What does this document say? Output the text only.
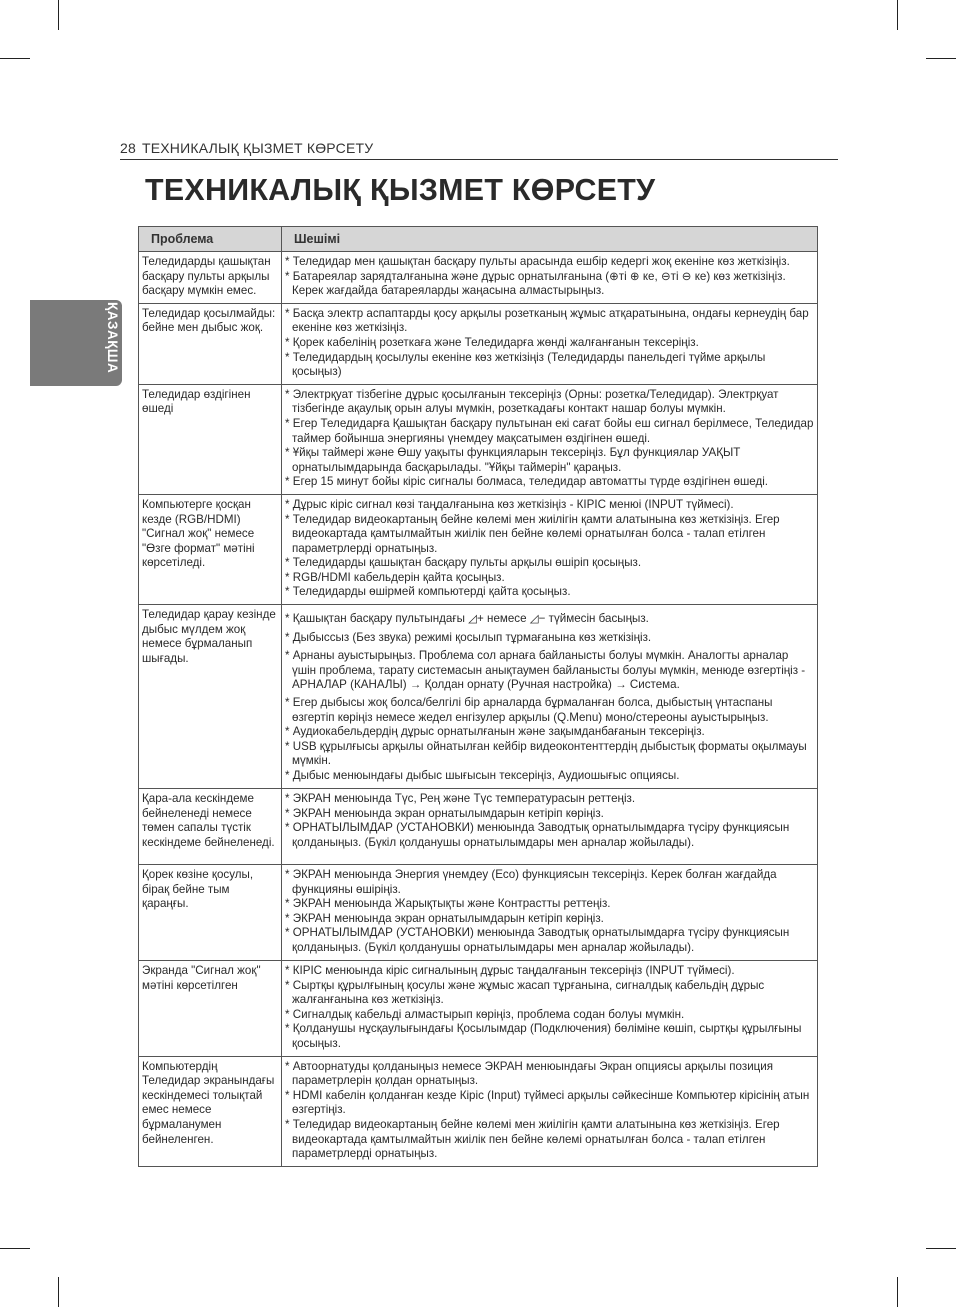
28 ТЕХНИКАЛЫҚ ҚЫЗМЕТ КӨРСЕТУ
ТЕХНИКАЛЫҚ ҚЫЗМЕТ КӨРСЕТУ
ҚАЗАҚША
Проблема	Шешімі
Теледидарды қашықтан басқару пульты арқылы басқару мүмкін емес.	* Теледидар мен қашықтан басқару пульты арасында ешбір кедергі жоқ екеніне көз жеткізіңіз.
* Батареялар зарядталғанына және дұрыс орнатылғанына (⊕ті ⊕ ке, ⊖ті ⊖ ке) көз жеткізіңіз. Керек жағдайда батареяларды жаңасына алмастырыңыз.

Теледидар қосылмайды: бейне мен дыбыс жоқ.	* Басқа электр аспаптарды қосу арқылы розетканың жұмыс атқаратынына, ондағы кернеудің бар екеніне көз жеткізіңіз.
* Қорек кабелінің розеткаға және Теледидарға жөнді жалғанғанын тексеріңіз.
* Теледидардың қосылулы екеніне көз жеткізіңіз (Теледидарды панельдегі түйме арқылы қосыңыз)

Теледидар өздігінен өшеді	* Электрқуат тізбегіне дұрыс қосылғанын тексеріңіз (Орны: розетка/Теледидар). Электрқуат тізбегінде ақаулық орын алуы мүмкін, розеткадағы контакт нашар болуы мүмкін.
* Егер Теледидарға Қашықтан басқару пультынан екі сағат бойы еш сигнал берілмесе, Теледидар таймер бойынша энергияны үнемдеу мақсатымен өздігінен өшеді.
* Ұйқы таймері және Өшу уақыты функцияларын тексеріңіз. Бұл функциялар УАҚЫТ орнатылымдарында басқарылады. "Ұйқы таймерін" қараңыз.
* Егер 15 минут бойы кіріс сигналы болмаса, теледидар автоматты түрде өздігінен өшеді.

Компьютерге қосқан кезде (RGB/HDMI) "Сигнал жоқ" немесе "Өзге формат" мәтіні көрсетіледі.	* Дұрыс кіріс сигнал көзі таңдалғанына көз жеткізіңіз - КІРІС менюі (INPUT түймесі).
* Теледидар видеокартаның бейне көлемі мен жиілігін қамти алатынына көз жеткізіңіз. Егер видеокартада қамтылмайтын жиілік пен бейне көлемі орнатылған болса - талап етілген параметрлерді орнатыңыз.
* Теледидарды қашықтан басқару пульты арқылы өшіріп қосыңыз.
* RGB/HDMI кабельдерін қайта қосыңыз.
* Теледидарды өшірмей компьютерді қайта қосыңыз.

Теледидар қарау кезінде дыбыс мүлдем жоқ немесе бұрмаланып шығады.	
* Қашықтан басқару пультындағы ◿+ немесе ◿− түймесін басыңыз.
* Дыбыссыз (Без звука) режимі қосылып тұрмағанына көз жеткізіңіз.
* Арнаны ауыстырыңыз. Проблема сол арнаға байланысты болуы мүмкін. Аналогты арналар үшін проблема, тарату системасын анықтаумен байланысты болуы мүмкін, менюде өзгертіңіз - АРНАЛАР (КАНАЛЫ) → Қолдан орнату (Ручная настройка) → Система.
* Егер дыбысы жоқ болса/белгілі бір арналарда бұрмаланған болса, дыбыстың үнтаспаны өзгертіп көріңіз немесе жедел енгізулер арқылы (Q.Menu) моно/стереоны ауыстырыңыз.
* Аудиокабельдердің дұрыс орнатылғанын және зақымданбағанын тексеріңіз.
* USB құрылғысы арқылы ойнатылған кейбір видеоконтенттердің дыбыстық форматы оқылмауы мүмкін.
* Дыбыс менюындағы дыбыс шығысын тексеріңіз, Аудиошығыс опциясы.

Қара-ала кескіндеме бейнеленеді немесе төмен сапалы түстік кескіндеме бейнеленеді.	* ЭКРАН менюында Түс, Рең және Түс температурасын реттеңіз.
* ЭКРАН менюында экран орнатылымдарын кетіріп көріңіз.
* ОРНАТЫЛЫМДАР (УСТАНОВКИ) менюында Заводтық орнатылымдарға түсіру функциясын қолданыңыз. (Бүкіл қолданушы орнатылымдары мен арналар жойылады).

Қорек көзіне қосулы, бірақ бейне тым қараңғы.	* ЭКРАН менюында Энергия үнемдеу (Eco) функциясын тексеріңіз. Керек болған жағдайда функцияны өшіріңіз.
* ЭКРАН менюында Жарықтықты және Контрастты реттеңіз.
* ЭКРАН менюында экран орнатылымдарын кетіріп көріңіз.
* ОРНАТЫЛЫМДАР (УСТАНОВКИ) менюында Заводтық орнатылымдарға түсіру функциясын қолданыңыз. (Бүкіл қолданушы орнатылымдары мен арналар жойылады).

Экранда "Сигнал жоқ" мәтіні көрсетілген	* КІРІС менюында кіріс сигналының дұрыс таңдалғанын тексеріңіз (INPUT түймесі).
* Сыртқы құрылғының қосулы және жұмыс жасап тұрғанына, сигналдық кабельдің дұрыс жалғанғанына көз жеткізіңіз.
* Сигналдық кабельді алмастырып көріңіз, проблема содан болуы мүмкін.
* Қолданушы нұсқаулығындағы Қосылымдар (Подключения) бөліміне көшіп, сыртқы құрылғыны қосыңыз.

Компьютердің Теледидар экранындағы кескіндемесі толықтай емес немесе бұрмаланумен бейнеленген.	* Автоорнатуды қолданыңыз немесе ЭКРАН менюындағы Экран опциясы арқылы позиция параметрлерін қолдан орнатыңыз.
* HDMI кабелін қолданған кезде Кіріс (Input) түймесі арқылы сәйкесінше Компьютер кірісінің атын өзгертіңіз.
* Теледидар видеокартаның бейне көлемі мен жиілігін қамти алатынына көз жеткізіңіз. Егер видеокартада қамтылмайтын жиілік пен бейне көлемі орнатылған болса - талап етілген параметрлерді орнатыңыз.
